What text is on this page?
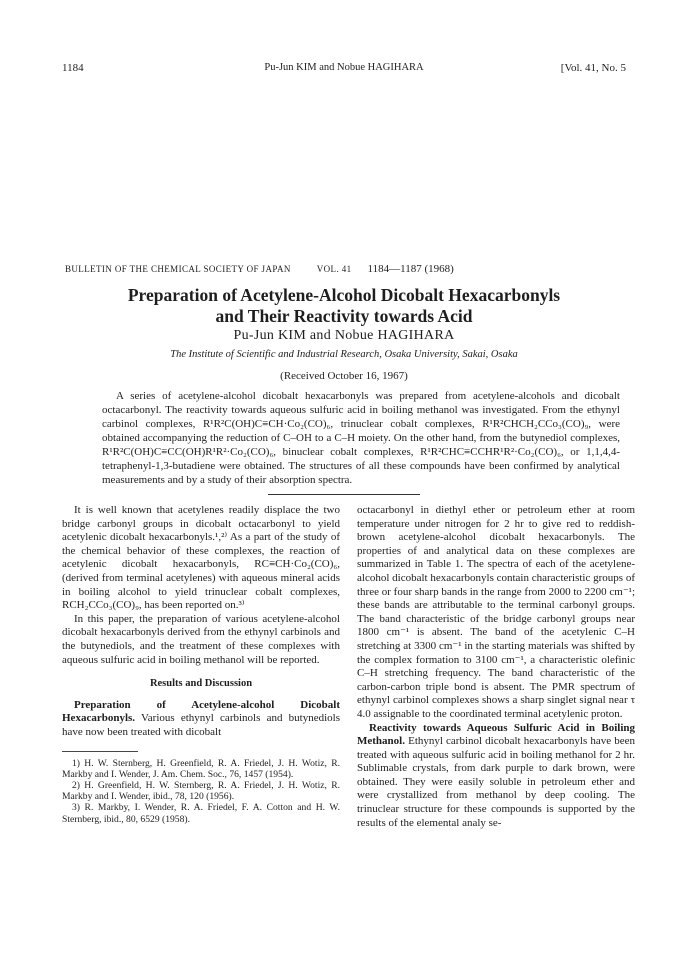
1184	Pu-Jun KIM and Nobue HAGIHARA	[Vol. 41, No. 5
BULLETIN OF THE CHEMICAL SOCIETY OF JAPAN	VOL. 41 1184—1187 (1968)
Preparation of Acetylene-Alcohol Dicobalt Hexacarbonyls
and Their Reactivity towards Acid
Pu-Jun KIM and Nobue HAGIHARA
The Institute of Scientific and Industrial Research, Osaka University, Sakai, Osaka
(Received October 16, 1967)
A series of acetylene-alcohol dicobalt hexacarbonyls was prepared from acetylene-alcohols and dicobalt octacarbonyl. The reactivity towards aqueous sulfuric acid in boiling methanol was investigated. From the ethynyl carbinol complexes, R¹R²C(OH)C≡CH·Co₂(CO)₆, trinuclear cobalt complexes, R¹R²CHCH₂CCo₃(CO)₉, were obtained accompanying the reduction of C–OH to a C–H moiety. On the other hand, from the butynediol complexes, R¹R²C(OH)C≡CC(OH)R¹R²·Co₂(CO)₆, binuclear cobalt complexes, R¹R²CHC≡CCHR¹R²·Co₂(CO)₆, or 1,1,4,4-tetraphenyl-1,3-butadiene were obtained. The structures of all these compounds have been confirmed by analytical measurements and by a study of their absorption spectra.

It is well known that acetylenes readily displace the two bridge carbonyl groups in dicobalt octacarbonyl to yield acetylenic dicobalt hexacarbonyls.¹,²⁾ As a part of the study of the chemical behavior of these complexes, the reaction of acetylenic dicobalt hexacarbonyls, RC≡CH·Co₂(CO)₆, (derived from terminal acetylenes) with aqueous mineral acids in boiling alcohol to yield trinuclear cobalt complexes, RCH₂CCo₃(CO)₉, has been reported on.³⁾

In this paper, the preparation of various acetylene-alcohol dicobalt hexacarbonyls derived from the ethynyl carbinols and the butynediols, and the treatment of these complexes with aqueous sulfuric acid in boiling methanol will be reported.

Results and Discussion

Preparation of Acetylene-alcohol Dicobalt Hexacarbonyls. Various ethynyl carbinols and butynediols have now been treated with dicobalt

1) H. W. Sternberg, H. Greenfield, R. A. Friedel, J. H. Wotiz, R. Markby and I. Wender, J. Am. Chem. Soc., 76, 1457 (1954).

2) H. Greenfield, H. W. Sternberg, R. A. Friedel, J. H. Wotiz, R. Markby and I. Wender, ibid., 78, 120 (1956).

3) R. Markby, I. Wender, R. A. Friedel, F. A. Cotton and H. W. Sternberg, ibid., 80, 6529 (1958).

octacarbonyl in diethyl ether or petroleum ether at room temperature under nitrogen for 2 hr to give red to reddish-brown acetylene-alcohol dicobalt hexacarbonyls. The properties of and analytical data on these complexes are summarized in Table 1. The spectra of each of the acetylene-alcohol dicobalt hexacarbonyls contain characteristic groups of three or four sharp bands in the range from 2000 to 2200 cm⁻¹; these bands are attributable to the terminal carbonyl groups. The band characteristic of the bridge carbonyl groups near 1800 cm⁻¹ is absent. The band of the acetylenic C–H stretching at 3300 cm⁻¹ in the starting materials was shifted by the complex formation to 3100 cm⁻¹, a characteristic olefinic C–H stretching frequency. The band characteristic of the carbon-carbon triple bond is absent. The PMR spectrum of ethynyl carbinol complexes shows a sharp singlet signal near τ 4.0 assignable to the coordinated terminal acetylenic proton.

Reactivity towards Aqueous Sulfuric Acid in Boiling Methanol. Ethynyl carbinol dicobalt hexacarbonyls have been treated with aqueous sulfuric acid in boiling methanol for 2 hr. Sublimable crystals, from dark purple to dark brown, were obtained. They were easily soluble in petroleum ether and were crystallized from methanol by deep cooling. The trinuclear structure for these compounds is supported by the results of the elemental analy se-
